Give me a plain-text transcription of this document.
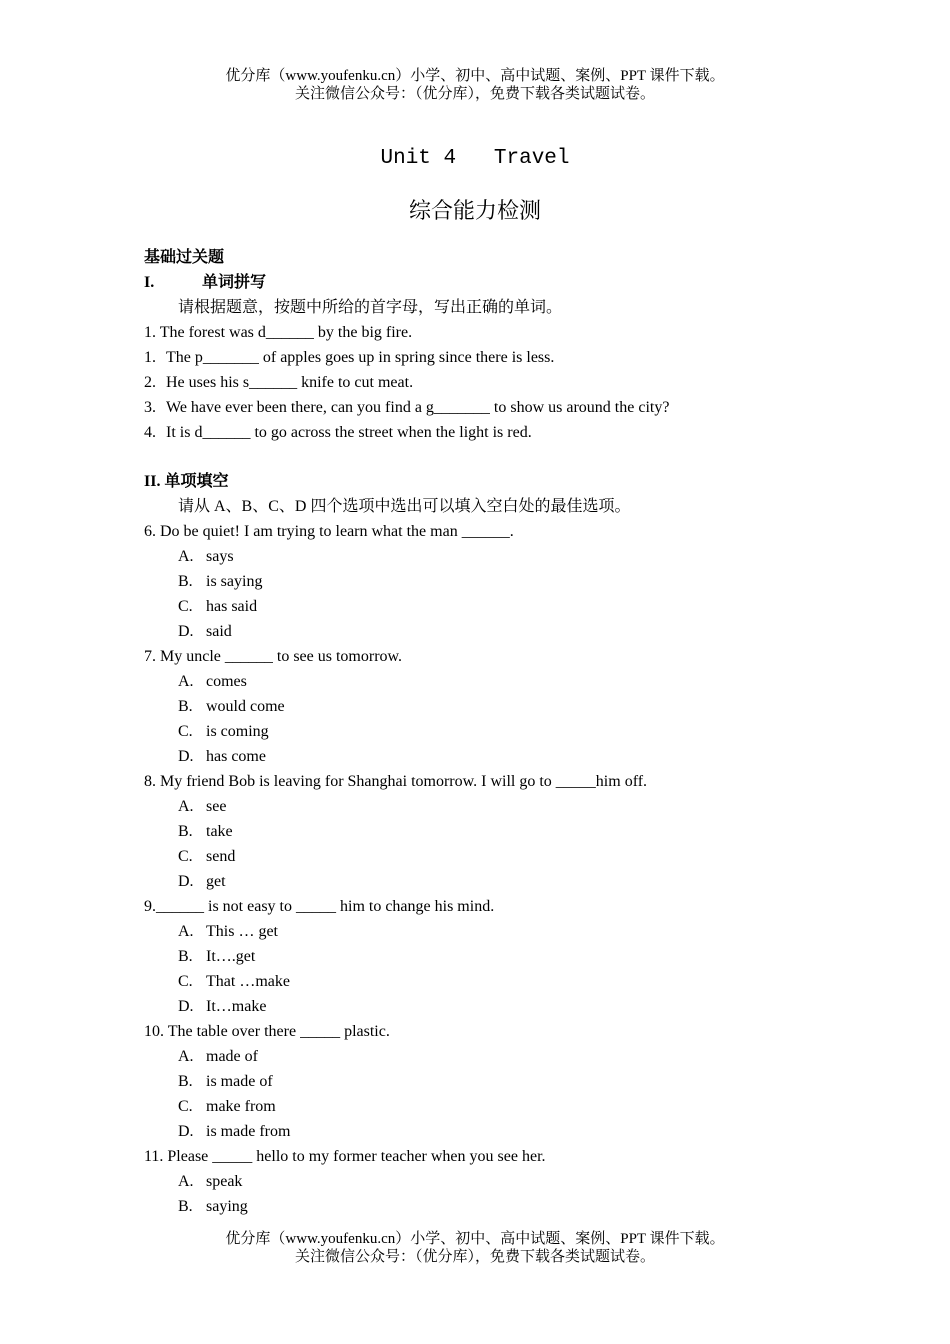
优分库（www.youfenku.cn）小学、初中、高中试题、案例、PPT 课件下载。
关注微信公众号：（优分库），免费下载各类试题试卷。
Unit 4   Travel
综合能力检测
基础过关题
I.	单词拼写
请根据题意，按题中所给的首字母，写出正确的单词。
1. The forest was d______ by the big fire.
1. The p_______ of apples goes up in spring since there is less.
2. He uses his s______ knife to cut meat.
3. We have ever been there, can you find a g_______ to show us around the city?
4. It is d______ to go across the street when the light is red.
II. 单项填空
请从 A、B、C、D 四个选项中选出可以填入空白处的最佳选项。
6. Do be quiet! I am trying to learn what the man ______.
A. says
B. is saying
C. has said
D. said
7. My uncle ______ to see us tomorrow.
A. comes
B. would come
C. is coming
D. has come
8. My friend Bob is leaving for Shanghai tomorrow. I will go to _____him off.
A. see
B. take
C. send
D. get
9.______ is not easy to _____ him to change his mind.
A. This … get
B. It….get
C. That …make
D. It…make
10. The table over there _____ plastic.
A. made of
B. is made of
C. make from
D. is made from
11. Please _____ hello to my former teacher when you see her.
A. speak
B. saying
优分库（www.youfenku.cn）小学、初中、高中试题、案例、PPT 课件下载。
关注微信公众号：（优分库），免费下载各类试题试卷。
